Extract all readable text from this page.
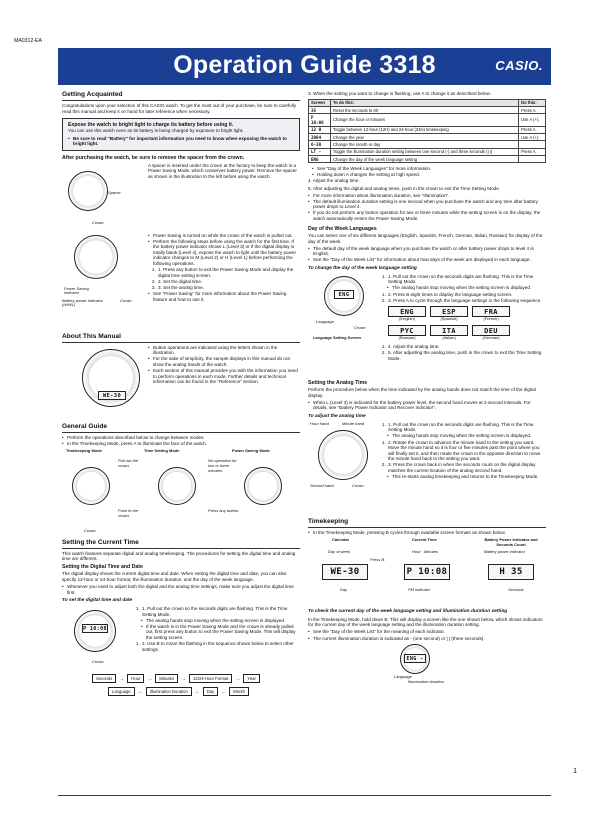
MA0312-EA
Operation Guide 3318	CASIO.
Getting Acquainted

Congratulations upon your selection of this CASIO watch. To get the most out of your purchase, be sure to carefully read this manual and keep it on hand for later reference when necessary.

Expose the watch to bright light to charge its battery before using it.

You can use this watch even as its battery is being charged by exposure to bright light.

• Be sure to read "Battery" for important information you need to know when exposing the watch to bright light.
After purchasing the watch, be sure to remove the spacer from the crown.
Spacer
Crown

A spacer is inserted under the crown at the factory to keep the watch in a Power Saving Mode, which conserves battery power. Remove the spacer as shown in the illustration to the left before using the watch.

Power Saving indicator
Battery power indicator (H/M/L)
Crown
• Power Saving is turned on while the crown of the watch is pulled out.
• Perform the following steps before using the watch for the first time. If the battery power indicator shows L (Level 3) or if the digital display is totally blank (Level 4), expose the watch to light until the battery power indicator changes to M (Level 2) or H (Level 1) before performing the following operations.
1. 1. Press any button to exit the Power Saving Mode and display the digital time setting screen.
2. 2. Set the digital time.
3. 3. Set the analog time.
• See "Power Saving" for more information about the Power Saving feature and how to use it.
About This Manual
WE-30
• Button operations are indicated using the letters shown in the illustration.
• For the sake of simplicity, the sample displays in this manual do not show the analog hands of the watch.
• Each section of this manual provides you with the information you need to perform operations in each mode. Further details and technical information can be found in the "Reference" section.
General Guide
• Perform the operations described below to change between modes.
• In the Timekeeping Mode, press A to illuminate the face of the watch.
Timekeeping Mode	Time Setting Mode	Power Saving Mode
Pull out the crown.
No operation for two or three minutes.
Push in the crown.
Press any button.
Crown
Setting the Current Time

This watch features separate digital and analog timekeeping. The procedures for setting the digital time and analog time are different.

Setting the Digital Time and Date

The digital display shows the current digital time and date. When setting the digital time and date, you can also specify 12-hour or 24-hour format, the illumination duration, and the day of the week language.

• Whenever you need to adjust both the digital and the analog time settings, make sure you adjust the digital time first.
To set the digital time and date
P 10:08
Crown
1. 1. Pull out the crown so the seconds digits are flashing. This is the Time Setting Mode.
• The analog hands stop moving when the setting screen is displayed.
• If the watch is in the Power Saving Mode and the crown is already pulled out, first press any button to exit the Power Saving Mode. This will display the setting screen.
1. 2. Use B to move the flashing in the sequence shown below to select other settings.
Seconds	→	Hour	→	Minutes	→	12/24-Hour Format	→	Year
Language	←	Illumination Duration	←	Day	←	Month

3. When the setting you want to change is flashing, use A to change it as described below.

Screen	To do this:	Do this:
35	Reset the seconds to 00	Press A.
P 10:08	Change the hour or minutes	Use A (+).
12 H	Toggle between 12-hour (12H) and 24-hour (24H) timekeeping	Press A.
2004	Change the year	Use A (+).
6-30	Change the month or day	
LT -	Toggle the illumination duration setting between one second (-) and three seconds (⌊⌋)	Press A.
ENG	Change the day of the week language setting	
• See "Day of the Week Languages" for more information.
• Holding down A changes the setting at high speed.

4. Adjust the analog time.

5. After adjusting the digital and analog times, push in the crown to exit the Time Setting Mode.

• For more information about illumination duration, see "Illumination".
• The default illumination duration setting is one second when you purchase the watch and any time after battery power drops to Level 4.
• If you do not perform any button operation for two or three minutes while the setting screen is on the display, the watch automatically enters the Power Saving Mode.
Day of the Week Languages

You can select one of six different languages (English, Spanish, French, German, Italian, Russian) for display of the day of the week.

• The default day of the week language when you purchase the watch or after battery power drops to level 4 is English.
• See the "Day of the Week List" for information about how days of the week are displayed in each language.
To change the day of the week language setting
ENG
Language
Crown
Language Setting Screen
1. 1. Pull out the crown so the seconds digits are flashing. This is the Time Setting Mode.
• The analog hands stop moving when the setting screen is displayed.
1. 2. Press B eight times to display the language setting screen.
2. 3. Press A to cycle through the language settings in the following sequence.
ENG
(English)
ESP
(Spanish)
FRA
(French)
PYC
(Russian)
ITA
(Italian)
DEU
(German)
1. 4. Adjust the analog time.
2. 5. After adjusting the analog time, push in the crown to exit the Time Setting Mode.
Setting the Analog Time

Perform the procedure below when the time indicated by the analog hands does not match the time of the digital display.

• When L (Level 3) is indicated for the battery power level, the second hand moves at 2-second intervals. For details, see "Battery Power Indicator and Recover Indicator".
To adjust the analog time
Hour hand	Minute hand
Second hand	Crown
1. 1. Pull out the crown so the seconds digits are flashing. This is the Time Setting Mode.
• The analog hands stop moving when the setting screen is displayed.
1. 2. Rotate the crown to advance the minute hand to the setting you want. Move the minute hand so it is four or five minutes past the point where you will finally set it, and then rotate the crown in the opposite direction to move the minute hand back to the setting you want.
2. 3. Press the crown back in when the seconds count on the digital display matches the current location of the analog second hand.
• This re-starts analog timekeeping and returns to the Timekeeping Mode.
Timekeeping
• In the Timekeeping Mode, pressing B cycles through available screen formats as shown below.
Calendar	Current Time	Battery Power Indicator and Seconds Count
Day of week
Press B.
Hour : Minutes	Battery power indicator
WE-30	P 10:08	H 35
Day	PM indicator	Seconds
To check the current day of the week language setting and illumination duration setting

In the Timekeeping Mode, hold down B. This will display a screen like the one shown below, which shows indicators for the current day of the week language setting and the illumination duration setting.

• See the "Day of the Week List" for the meaning of each indicator.
• The current illumination duration is indicated as - (one second) or ⌊⌋ (three seconds).
ENG -
Language
Illumination duration
1
